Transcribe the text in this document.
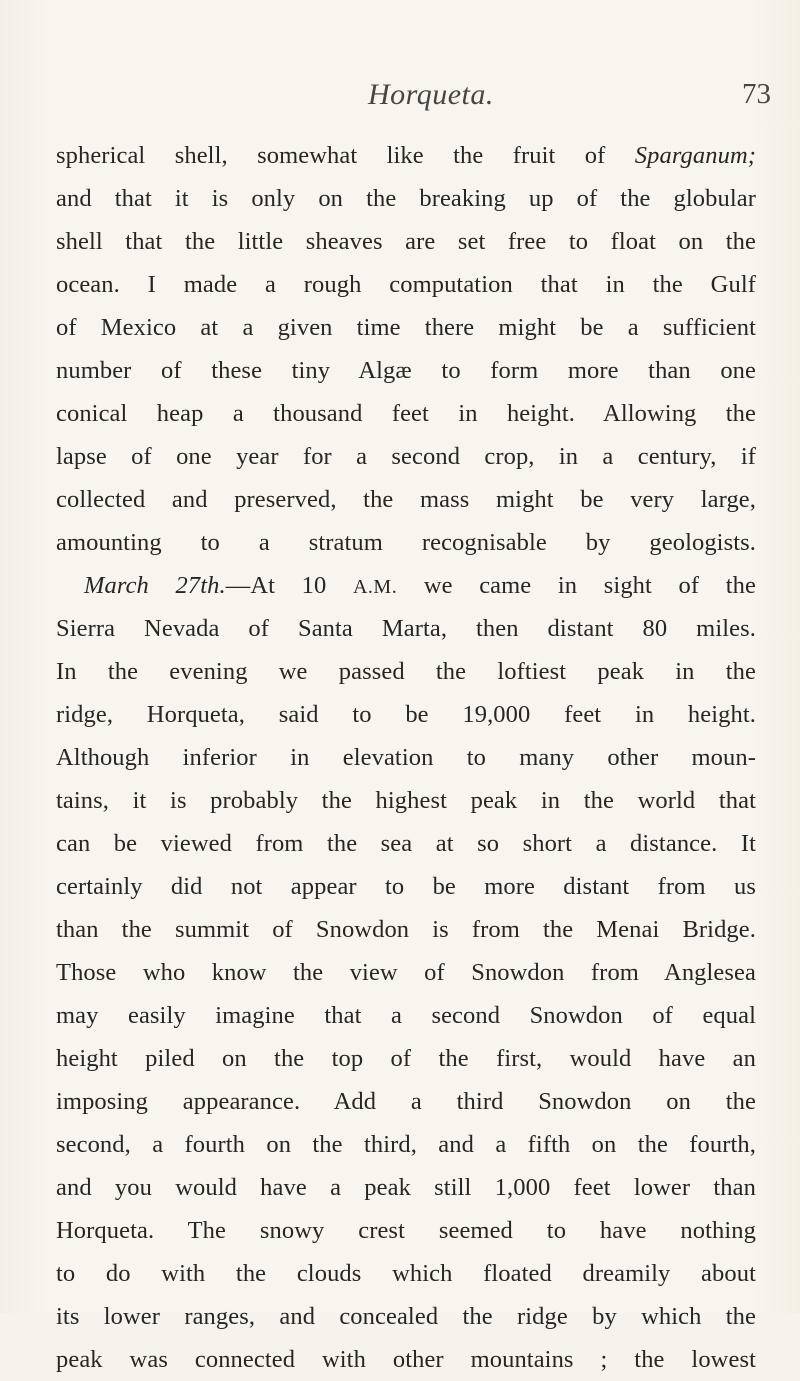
Horqueta.	73
spherical shell, somewhat like the fruit of Sparganum;
and that it is only on the breaking up of the globular
shell that the little sheaves are set free to float on the
ocean. I made a rough computation that in the Gulf
of Mexico at a given time there might be a sufficient
number of these tiny Algæ to form more than one
conical heap a thousand feet in height. Allowing the
lapse of one year for a second crop, in a century, if
collected and preserved, the mass might be very large,
amounting to a stratum recognisable by geologists.
March 27th.—At 10 A.M. we came in sight of the
Sierra Nevada of Santa Marta, then distant 80 miles.
In the evening we passed the loftiest peak in the
ridge, Horqueta, said to be 19,000 feet in height.
Although inferior in elevation to many other moun-
tains, it is probably the highest peak in the world that
can be viewed from the sea at so short a distance. It
certainly did not appear to be more distant from us
than the summit of Snowdon is from the Menai Bridge.
Those who know the view of Snowdon from Anglesea
may easily imagine that a second Snowdon of equal
height piled on the top of the first, would have an
imposing appearance. Add a third Snowdon on the
second, a fourth on the third, and a fifth on the fourth,
and you would have a peak still 1,000 feet lower than
Horqueta. The snowy crest seemed to have nothing
to do with the clouds which floated dreamily about
its lower ranges, and concealed the ridge by which the
peak was connected with other mountains ; the lowest
